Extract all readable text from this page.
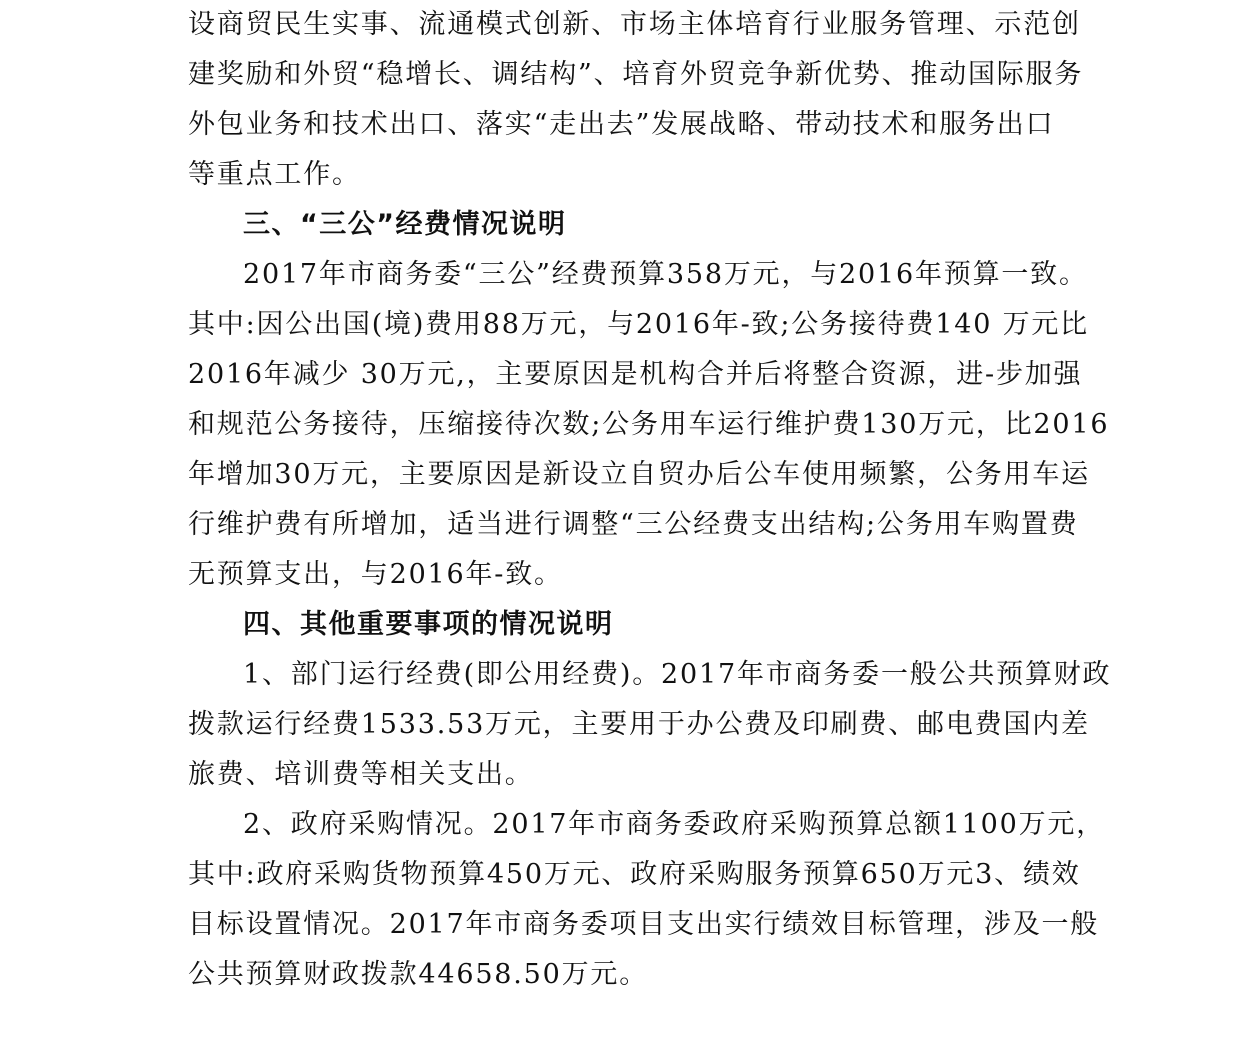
设商贸民生实事、流通模式创新、市场主体培育行业服务管理、示范创
建奖励和外贸“稳增长、调结构”、培育外贸竞争新优势、推动国际服务
外包业务和技术出口、落实“走出去”发展战略、带动技术和服务出口
等重点工作。
三、“三公”经费情况说明
2017年市商务委“三公”经费预算358万元，与2016年预算一致。
其中:因公出国(境)费用88万元，与2016年-致;公务接待费140 万元比
2016年减少 30万元,，主要原因是机构合并后将整合资源，进-步加强
和规范公务接待，压缩接待次数;公务用车运行维护费130万元，比2016
年增加30万元，主要原因是新设立自贸办后公车使用频繁，公务用车运
行维护费有所增加，适当进行调整“三公经费支出结构;公务用车购置费
无预算支出，与2016年-致。
四、其他重要事项的情况说明
1、部门运行经费(即公用经费)。2017年市商务委一般公共预算财政
拨款运行经费1533.53万元，主要用于办公费及印刷费、邮电费国内差
旅费、培训费等相关支出。
2、政府采购情况。2017年市商务委政府采购预算总额1100万元，
其中:政府采购货物预算450万元、政府采购服务预算650万元3、绩效
目标设置情况。2017年市商务委项目支出实行绩效目标管理，涉及一般
公共预算财政拨款44658.50万元。
